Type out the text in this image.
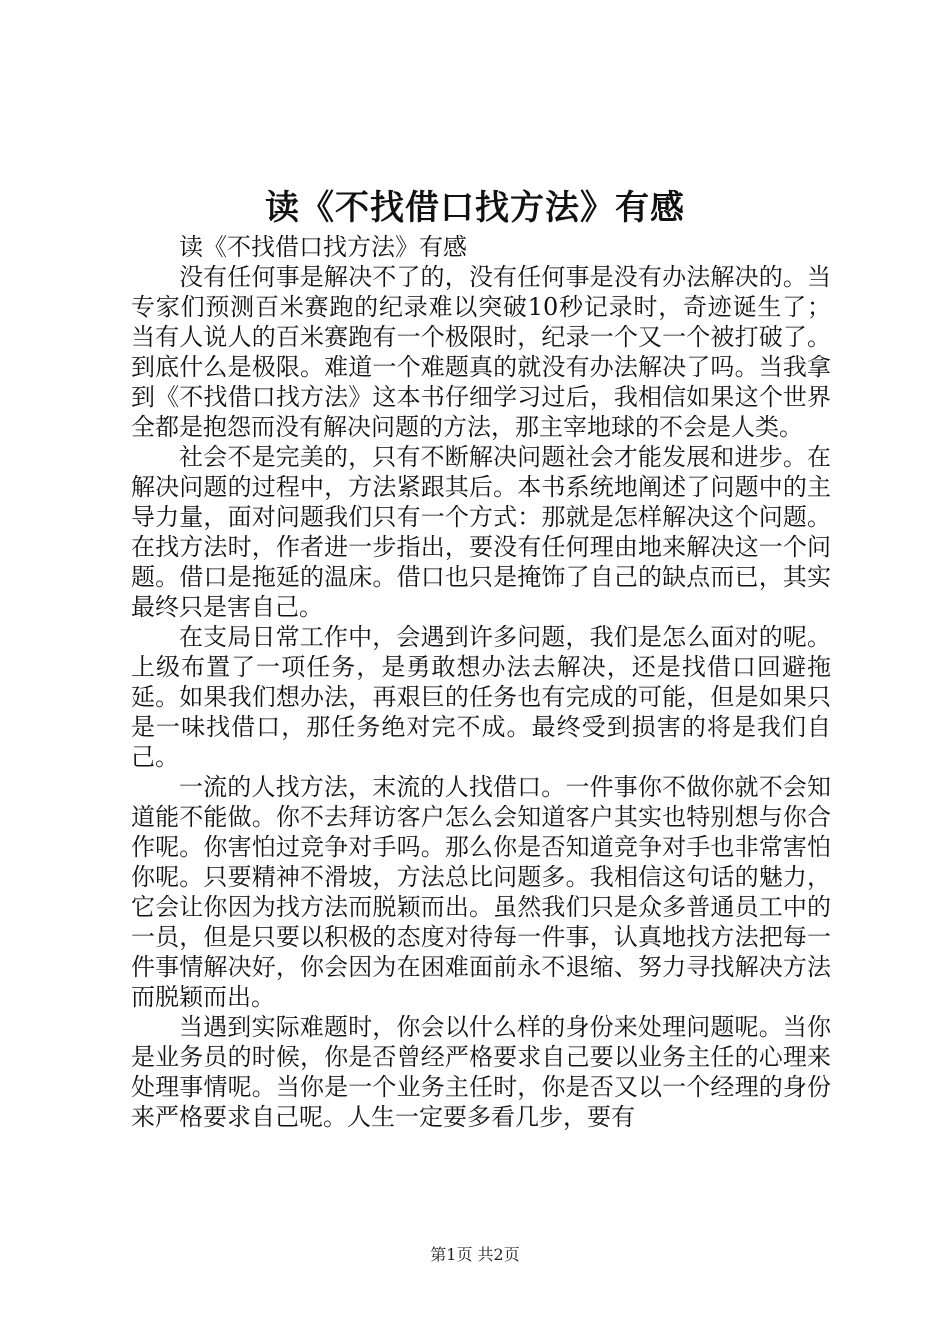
读《不找借口找方法》有感

读《不找借口找方法》有感

没有任何事是解决不了的，没有任何事是没有办法解决的。当专家们预测百米赛跑的纪录难以突破10秒记录时，奇迹诞生了；当有人说人的百米赛跑有一个极限时，纪录一个又一个被打破了。到底什么是极限。难道一个难题真的就没有办法解决了吗。当我拿到《不找借口找方法》这本书仔细学习过后，我相信如果这个世界全都是抱怨而没有解决问题的方法，那主宰地球的不会是人类。

社会不是完美的，只有不断解决问题社会才能发展和进步。在解决问题的过程中，方法紧跟其后。本书系统地阐述了问题中的主导力量，面对问题我们只有一个方式：那就是怎样解决这个问题。在找方法时，作者进一步指出，要没有任何理由地来解决这一个问题。借口是拖延的温床。借口也只是掩饰了自己的缺点而已，其实最终只是害自己。

在支局日常工作中，会遇到许多问题，我们是怎么面对的呢。上级布置了一项任务，是勇敢想办法去解决，还是找借口回避拖延。如果我们想办法，再艰巨的任务也有完成的可能，但是如果只是一味找借口，那任务绝对完不成。最终受到损害的将是我们自己。

一流的人找方法，末流的人找借口。一件事你不做你就不会知道能不能做。你不去拜访客户怎么会知道客户其实也特别想与你合作呢。你害怕过竞争对手吗。那么你是否知道竞争对手也非常害怕你呢。只要精神不滑坡，方法总比问题多。我相信这句话的魅力，它会让你因为找方法而脱颖而出。虽然我们只是众多普通员工中的一员，但是只要以积极的态度对待每一件事，认真地找方法把每一件事情解决好，你会因为在困难面前永不退缩、努力寻找解决方法而脱颖而出。

当遇到实际难题时，你会以什么样的身份来处理问题呢。当你是业务员的时候，你是否曾经严格要求自己要以业务主任的心理来处理事情呢。当你是一个业务主任时，你是否又以一个经理的身份来严格要求自己呢。人生一定要多看几步，要有

第1页 共2页
